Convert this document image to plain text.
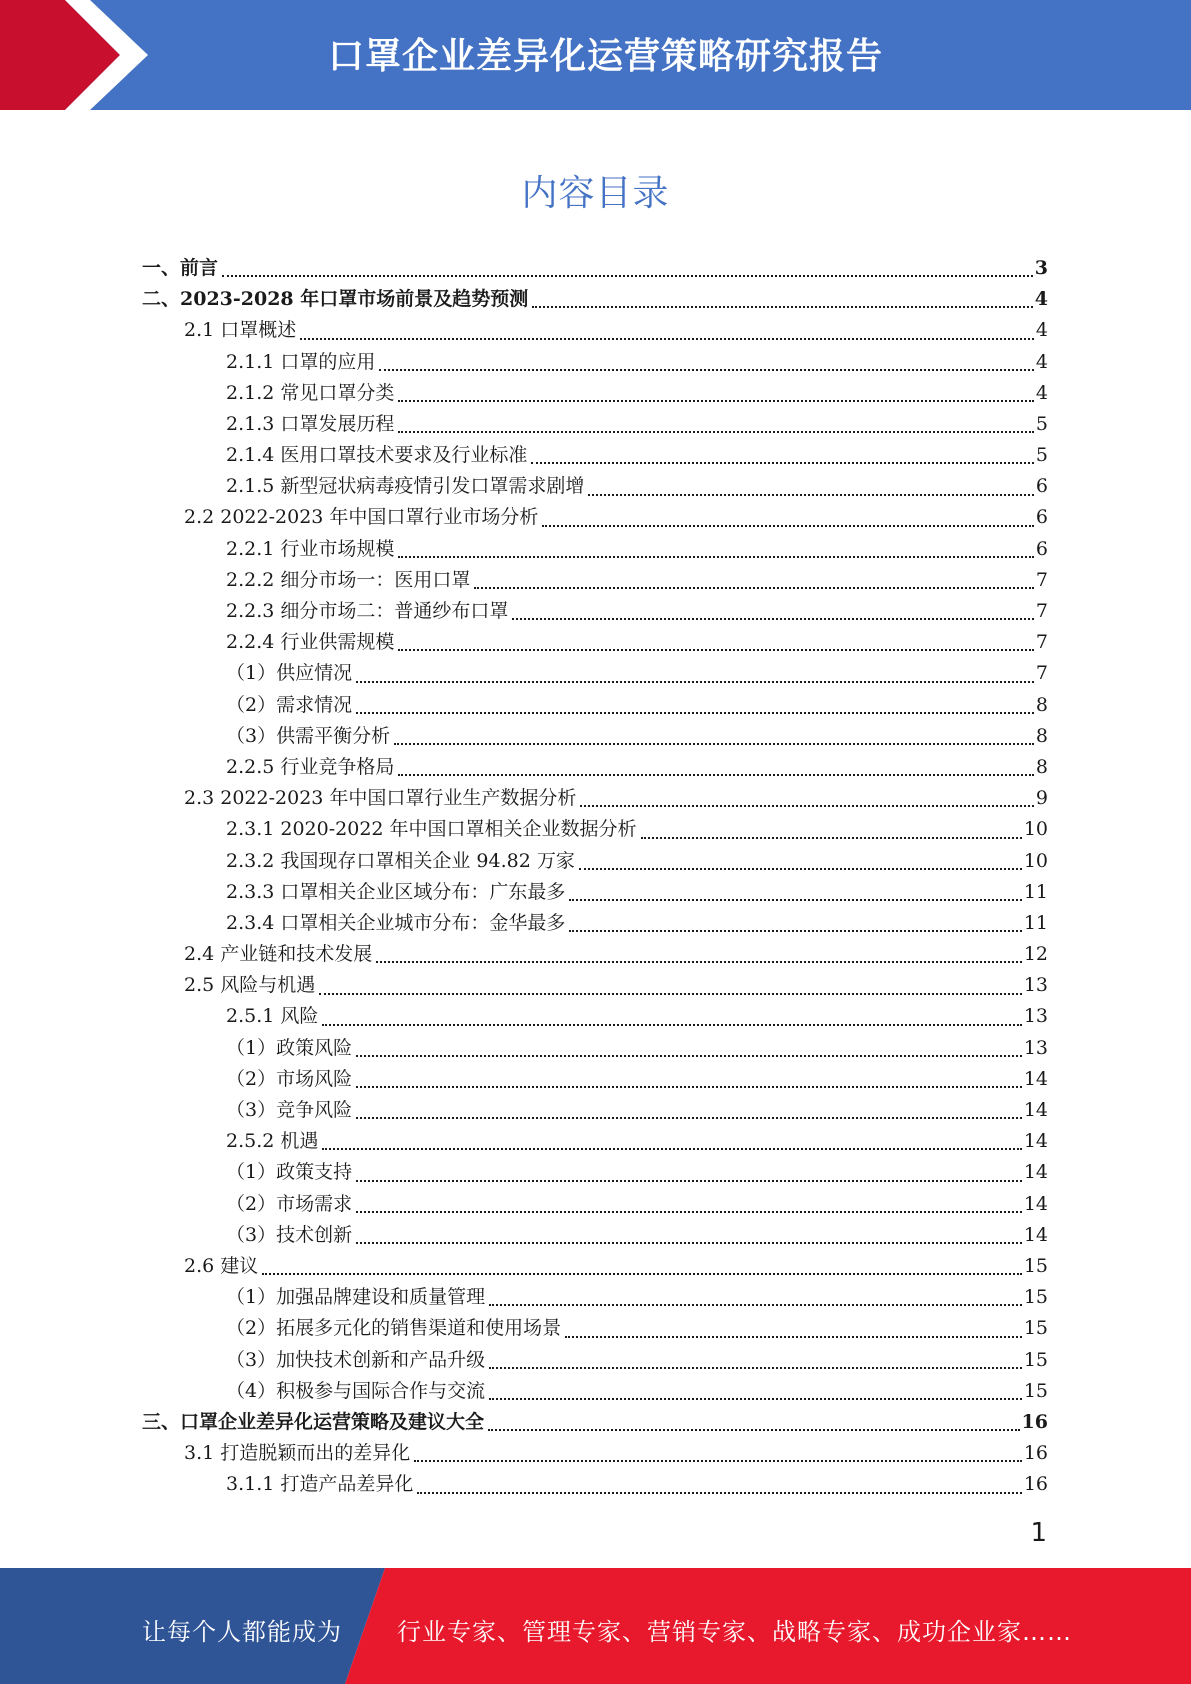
口罩企业差异化运营策略研究报告
内容目录
一、前言	3
二、2023-2028 年口罩市场前景及趋势预测	4
2.1 口罩概述	4
2.1.1 口罩的应用	4
2.1.2 常见口罩分类	4
2.1.3 口罩发展历程	5
2.1.4 医用口罩技术要求及行业标准	5
2.1.5 新型冠状病毒疫情引发口罩需求剧增	6
2.2 2022-2023 年中国口罩行业市场分析	6
2.2.1 行业市场规模	6
2.2.2 细分市场一：医用口罩	7
2.2.3 细分市场二：普通纱布口罩	7
2.2.4 行业供需规模	7
（1）供应情况	7
（2）需求情况	8
（3）供需平衡分析	8
2.2.5 行业竞争格局	8
2.3 2022-2023 年中国口罩行业生产数据分析	9
2.3.1 2020-2022 年中国口罩相关企业数据分析	10
2.3.2 我国现存口罩相关企业 94.82 万家	10
2.3.3 口罩相关企业区域分布：广东最多	11
2.3.4 口罩相关企业城市分布：金华最多	11
2.4 产业链和技术发展	12
2.5 风险与机遇	13
2.5.1 风险	13
（1）政策风险	13
（2）市场风险	14
（3）竞争风险	14
2.5.2 机遇	14
（1）政策支持	14
（2）市场需求	14
（3）技术创新	14
2.6 建议	15
（1）加强品牌建设和质量管理	15
（2）拓展多元化的销售渠道和使用场景	15
（3）加快技术创新和产品升级	15
（4）积极参与国际合作与交流	15
三、口罩企业差异化运营策略及建议大全	16
3.1 打造脱颖而出的差异化	16
3.1.1 打造产品差异化	16
1
让每个人都能成为 行业专家、管理专家、营销专家、战略专家、成功企业家……
